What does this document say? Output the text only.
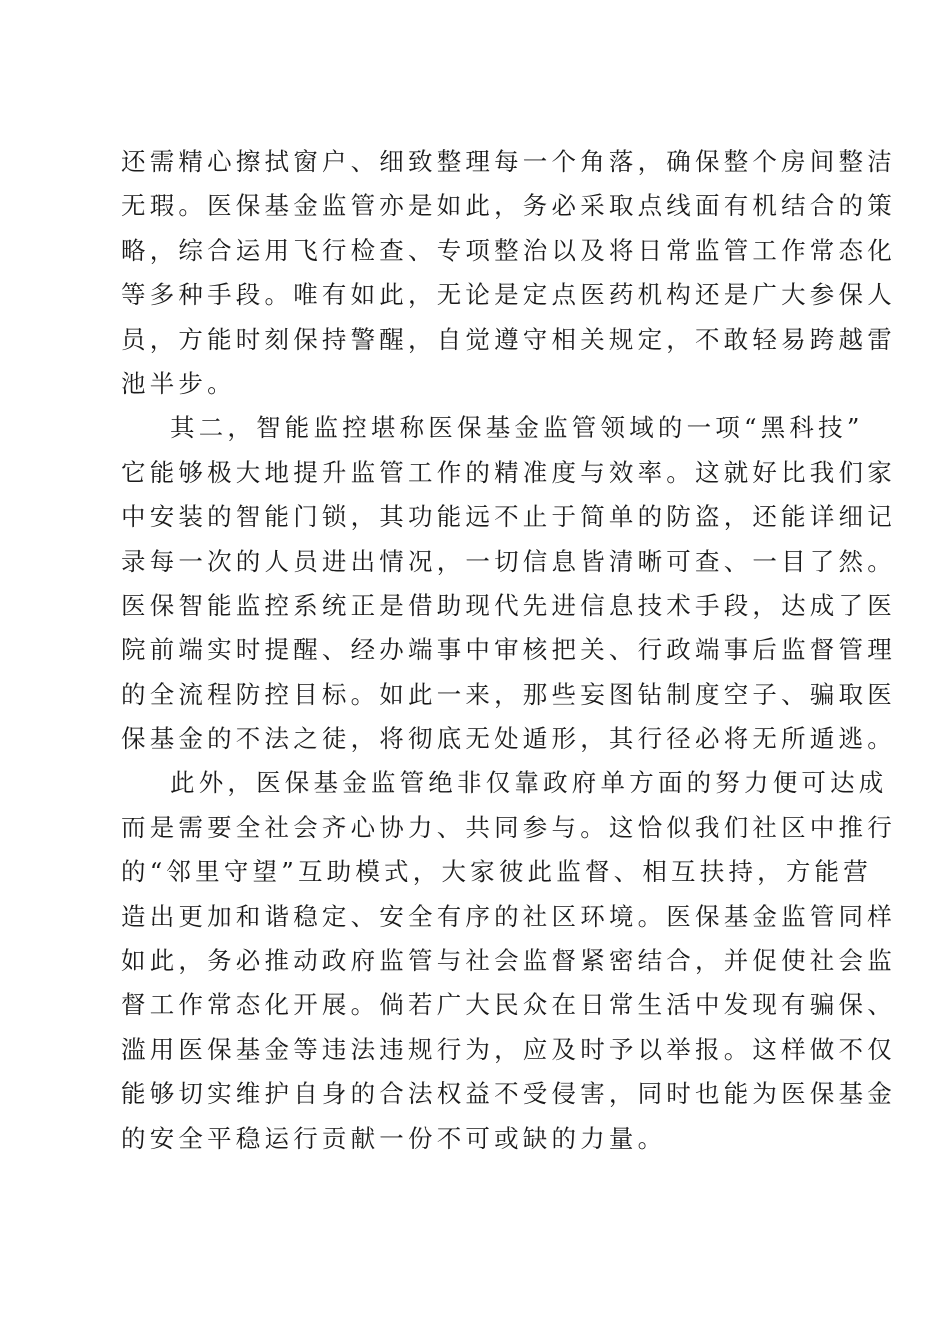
还需精心擦拭窗户、细致整理每一个角落，确保整个房间整洁
无瑕。医保基金监管亦是如此，务必采取点线面有机结合的策
略，综合运用飞行检查、专项整治以及将日常监管工作常态化
等多种手段。唯有如此，无论是定点医药机构还是广大参保人
员，方能时刻保持警醒，自觉遵守相关规定，不敢轻易跨越雷
池半步。
其二，智能监控堪称医保基金监管领域的一项“黑科技”
它能够极大地提升监管工作的精准度与效率。这就好比我们家
中安装的智能门锁，其功能远不止于简单的防盗，还能详细记
录每一次的人员进出情况，一切信息皆清晰可查、一目了然。
医保智能监控系统正是借助现代先进信息技术手段，达成了医
院前端实时提醒、经办端事中审核把关、行政端事后监督管理
的全流程防控目标。如此一来，那些妄图钻制度空子、骗取医
保基金的不法之徒，将彻底无处遁形，其行径必将无所遁逃。
此外，医保基金监管绝非仅靠政府单方面的努力便可达成
而是需要全社会齐心协力、共同参与。这恰似我们社区中推行
的“邻里守望”互助模式，大家彼此监督、相互扶持，方能营
造出更加和谐稳定、安全有序的社区环境。医保基金监管同样
如此，务必推动政府监管与社会监督紧密结合，并促使社会监
督工作常态化开展。倘若广大民众在日常生活中发现有骗保、
滥用医保基金等违法违规行为，应及时予以举报。这样做不仅
能够切实维护自身的合法权益不受侵害，同时也能为医保基金
的安全平稳运行贡献一份不可或缺的力量。
